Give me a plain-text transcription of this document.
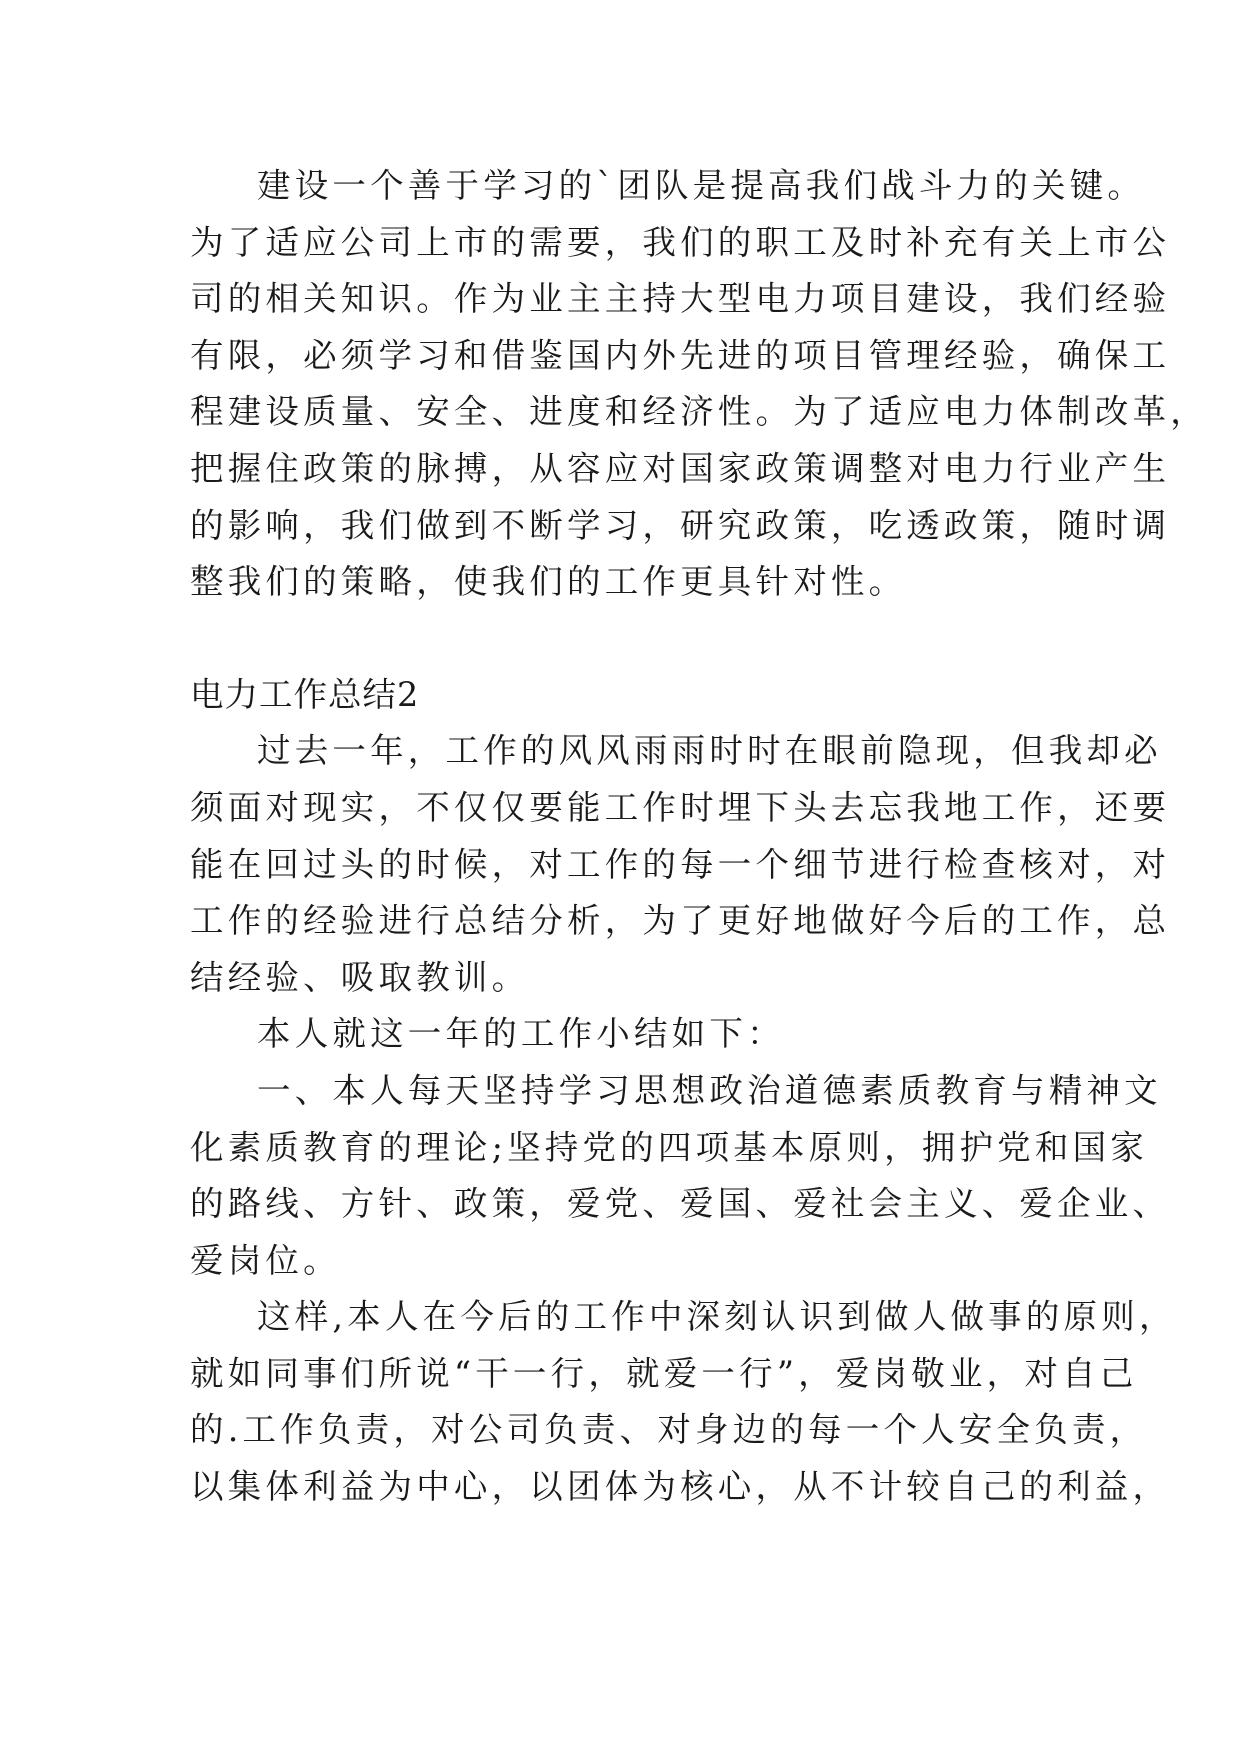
建设一个善于学习的`团队是提高我们战斗力的关键。
为了适应公司上市的需要，我们的职工及时补充有关上市公
司的相关知识。作为业主主持大型电力项目建设，我们经验
有限，必须学习和借鉴国内外先进的项目管理经验，确保工
程建设质量、安全、进度和经济性。为了适应电力体制改革，
把握住政策的脉搏，从容应对国家政策调整对电力行业产生
的影响，我们做到不断学习，研究政策，吃透政策，随时调
整我们的策略，使我们的工作更具针对性。
电力工作总结2
过去一年，工作的风风雨雨时时在眼前隐现，但我却必
须面对现实，不仅仅要能工作时埋下头去忘我地工作，还要
能在回过头的时候，对工作的每一个细节进行检查核对，对
工作的经验进行总结分析，为了更好地做好今后的工作，总
结经验、吸取教训。
本人就这一年的工作小结如下：
一、本人每天坚持学习思想政治道德素质教育与精神文
化素质教育的理论;坚持党的四项基本原则，拥护党和国家
的路线、方针、政策，爱党、爱国、爱社会主义、爱企业、
爱岗位。
这样,本人在今后的工作中深刻认识到做人做事的原则，
就如同事们所说“干一行，就爱一行”，爱岗敬业，对自己
的.工作负责，对公司负责、对身边的每一个人安全负责，
以集体利益为中心，以团体为核心，从不计较自己的利益，
